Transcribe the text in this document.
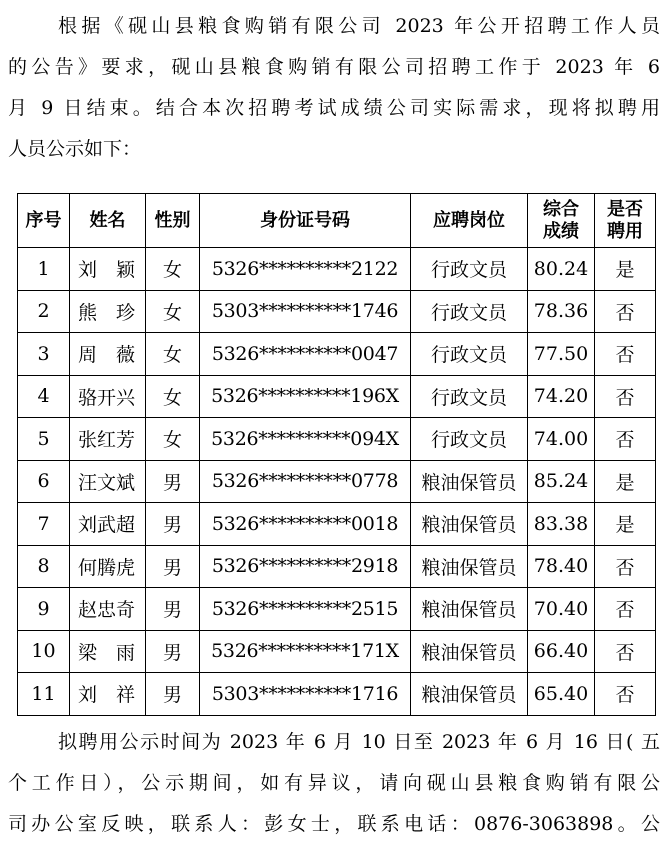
根据《砚山县粮食购销有限公司 2023 年公开招聘工作人员
的公告》要求，砚山县粮食购销有限公司招聘工作于 2023 年 6
月 9 日结束。结合本次招聘考试成绩公司实际需求，现将拟聘用
人员公示如下：
序号	姓名	性别	身份证号码	应聘岗位	综合成绩	是否聘用
1	刘 颖	女	5326**********2122	行政文员	80.24	是
2	熊 珍	女	5303**********1746	行政文员	78.36	否
3	周 薇	女	5326**********0047	行政文员	77.50	否
4	骆开兴	女	5326**********196X	行政文员	74.20	否
5	张红芳	女	5326**********094X	行政文员	74.00	否
6	汪文斌	男	5326**********0778	粮油保管员	85.24	是
7	刘武超	男	5326**********0018	粮油保管员	83.38	是
8	何腾虎	男	5326**********2918	粮油保管员	78.40	否
9	赵忠奇	男	5326**********2515	粮油保管员	70.40	否
10	梁 雨	男	5326**********171X	粮油保管员	66.40	否
11	刘 祥	男	5303**********1716	粮油保管员	65.40	否
拟聘用公示时间为 2023 年 6 月 10 日至 2023 年 6 月 16 日( 五
个工作日），公示期间，如有异议，请向砚山县粮食购销有限公
司办公室反映，联系人：彭女士，联系电话：0876-3063898。公
